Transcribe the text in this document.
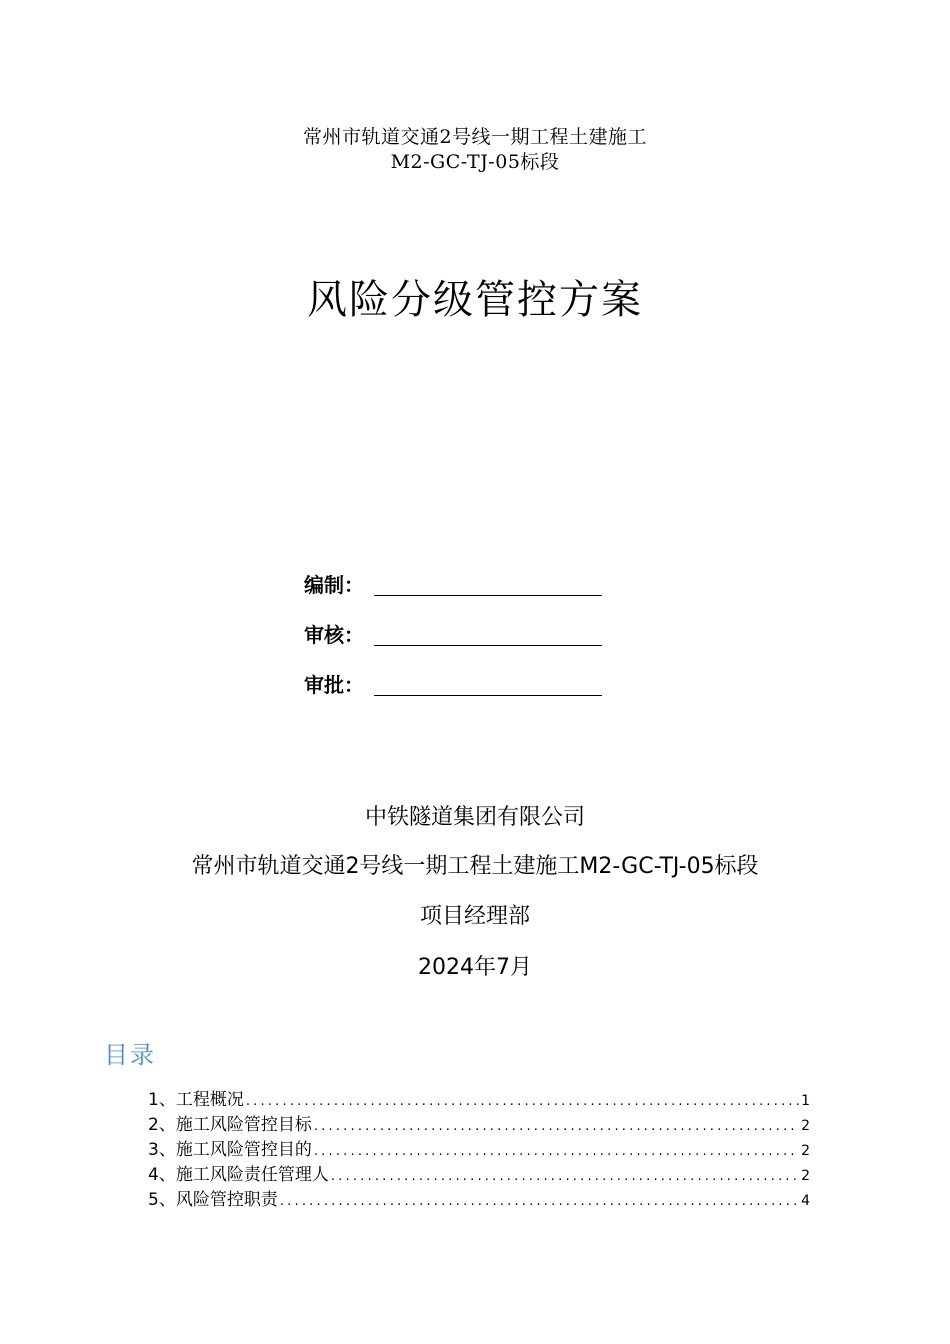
常州市轨道交通2号线一期工程土建施工
M2-GC-TJ-05标段
风险分级管控方案
编制：
审核：
审批：
中铁隧道集团有限公司
常州市轨道交通2号线一期工程土建施工M2-GC-TJ-05标段
项目经理部
2024年7月
目录
1、 工程概况 .....	1
2、 施工风险管控目标 .....	2
3、 施工风险管控目的 .....	2
4、 施工风险责任管理人 .....	2
5、 风险管控职责 .....	4
